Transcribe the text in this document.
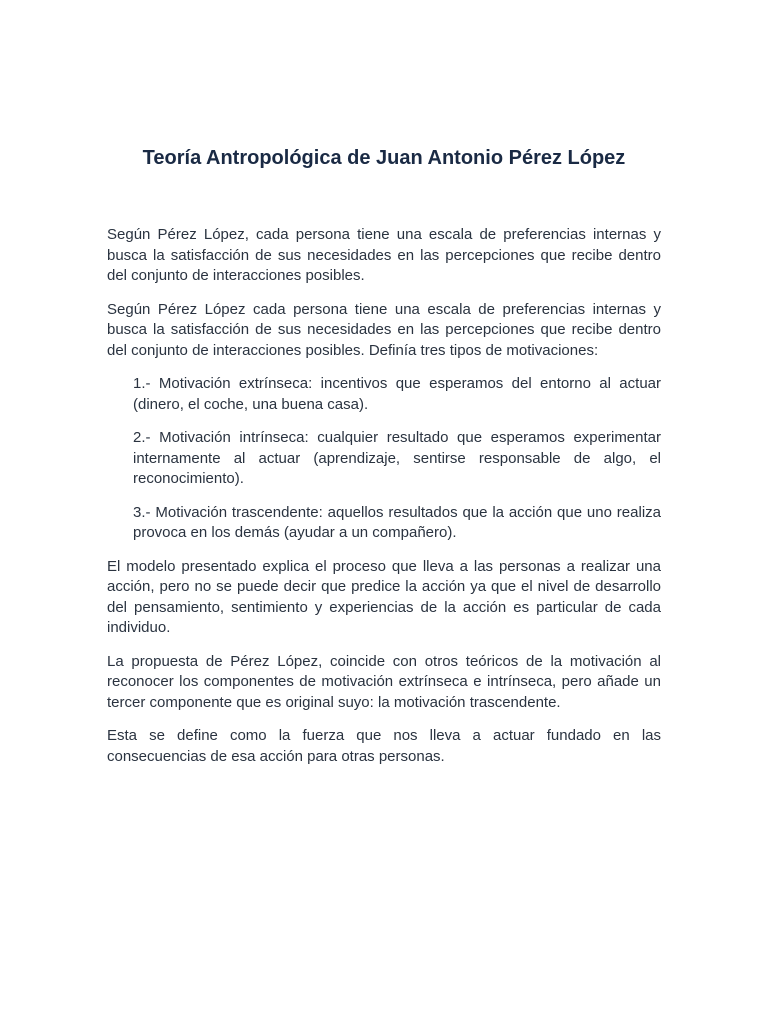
Teoría Antropológica de Juan Antonio Pérez López

Según Pérez López, cada persona tiene una escala de preferencias internas y busca la satisfacción de sus necesidades en las percepciones que recibe dentro del conjunto de interacciones posibles.

Según Pérez López cada persona tiene una escala de preferencias internas y busca la satisfacción de sus necesidades en las percepciones que recibe dentro del conjunto de interacciones posibles. Definía tres tipos de motivaciones:

1.- Motivación extrínseca: incentivos que esperamos del entorno al actuar (dinero, el coche, una buena casa).

2.- Motivación intrínseca: cualquier resultado que esperamos experimentar internamente al actuar (aprendizaje, sentirse responsable de algo, el reconocimiento).

3.- Motivación trascendente: aquellos resultados que la acción que uno realiza provoca en los demás (ayudar a un compañero).

El modelo presentado explica el proceso que lleva a las personas a realizar una acción, pero no se puede decir que predice la acción ya que el nivel de desarrollo del pensamiento, sentimiento y experiencias de la acción es particular de cada individuo.

La propuesta de Pérez López, coincide con otros teóricos de la motivación al reconocer los componentes de motivación extrínseca e intrínseca, pero añade un tercer componente que es original suyo: la motivación trascendente.

Esta se define como la fuerza que nos lleva a actuar fundado en las consecuencias de esa acción para otras personas.
